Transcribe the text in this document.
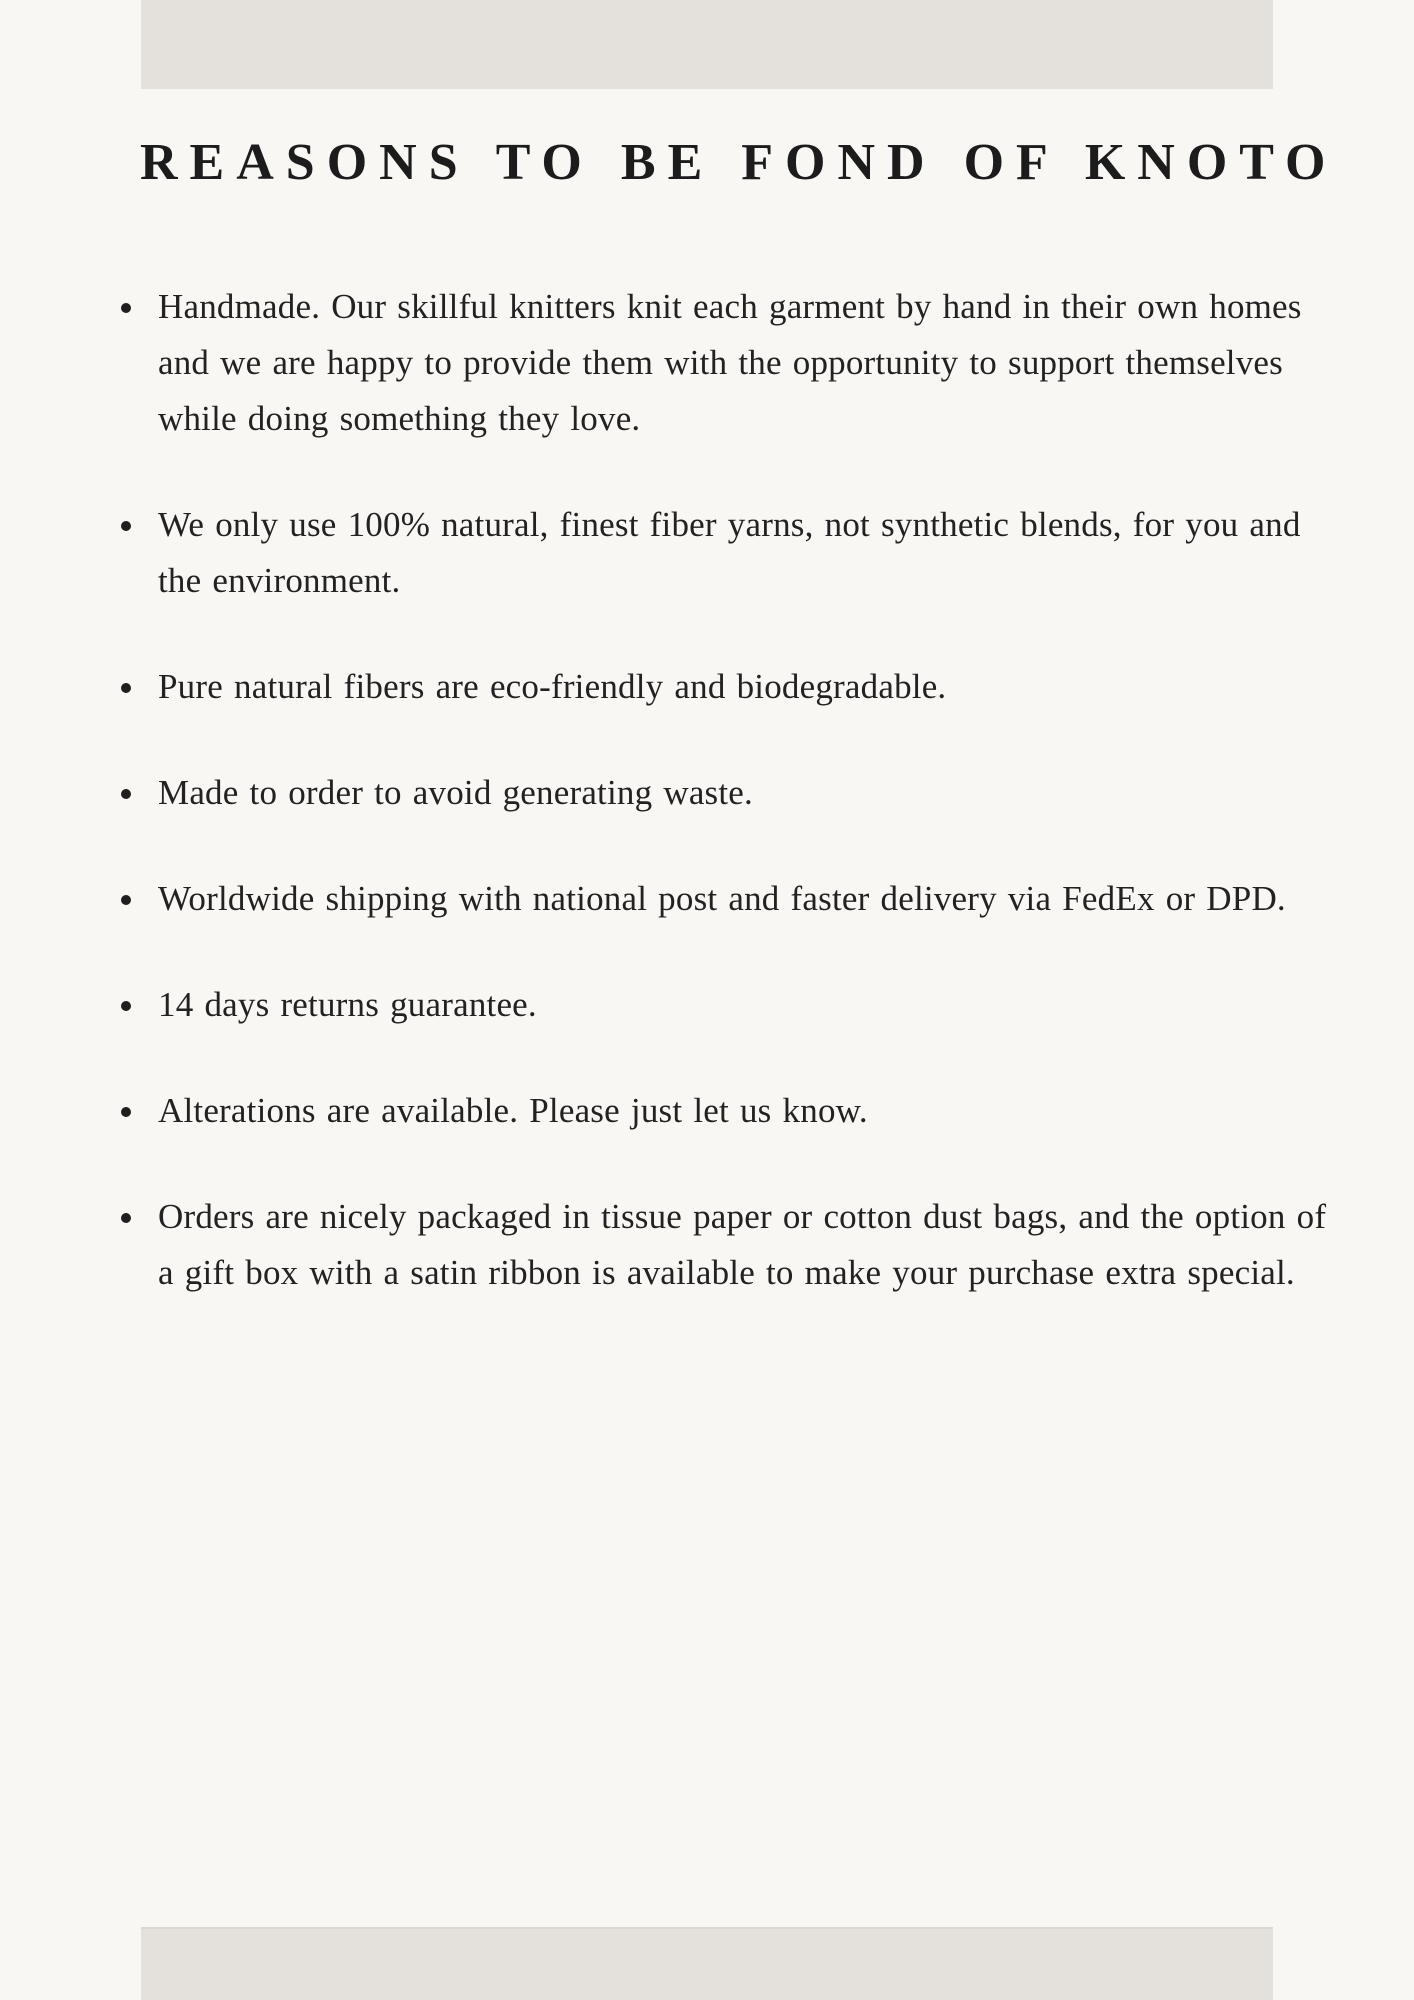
REASONS TO BE FOND OF KNOTO
Handmade. Our skillful knitters knit each garment by hand in their own homes and we are happy to provide them with the opportunity to support themselves while doing something they love.
We only use 100% natural, finest fiber yarns, not synthetic blends, for you and the environment.
Pure natural fibers are eco-friendly and biodegradable.
Made to order to avoid generating waste.
Worldwide shipping with national post and faster delivery via FedEx or DPD.
14 days returns guarantee.
Alterations are available. Please just let us know.
Orders are nicely packaged in tissue paper or cotton dust bags, and the option of a gift box with a satin ribbon is available to make your purchase extra special.
